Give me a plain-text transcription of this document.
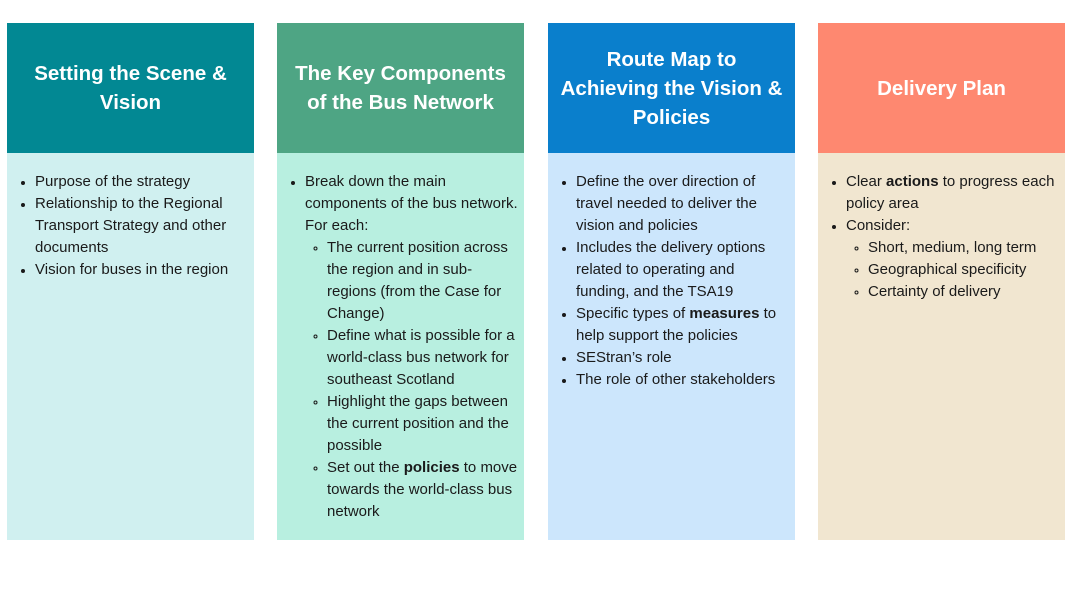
Setting the Scene & Vision
• Purpose of the strategy
• Relationship to the Regional Transport Strategy and other documents
• Vision for buses in the region
The Key Components of the Bus Network
• Break down the main components of the bus network. For each:
◦ The current position across the region and in sub-regions (from the Case for Change)
◦ Define what is possible for a world-class bus network for southeast Scotland
◦ Highlight the gaps between the current position and the possible
◦ Set out the policies to move towards the world-class bus network
Route Map to Achieving the Vision & Policies
• Define the over direction of travel needed to deliver the vision and policies
• Includes the delivery options related to operating and funding, and the TSA19
• Specific types of measures to help support the policies
• SEStran’s role
• The role of other stakeholders
Delivery Plan
• Clear actions to progress each policy area
• Consider:
◦ Short, medium, long term
◦ Geographical specificity
◦ Certainty of delivery
